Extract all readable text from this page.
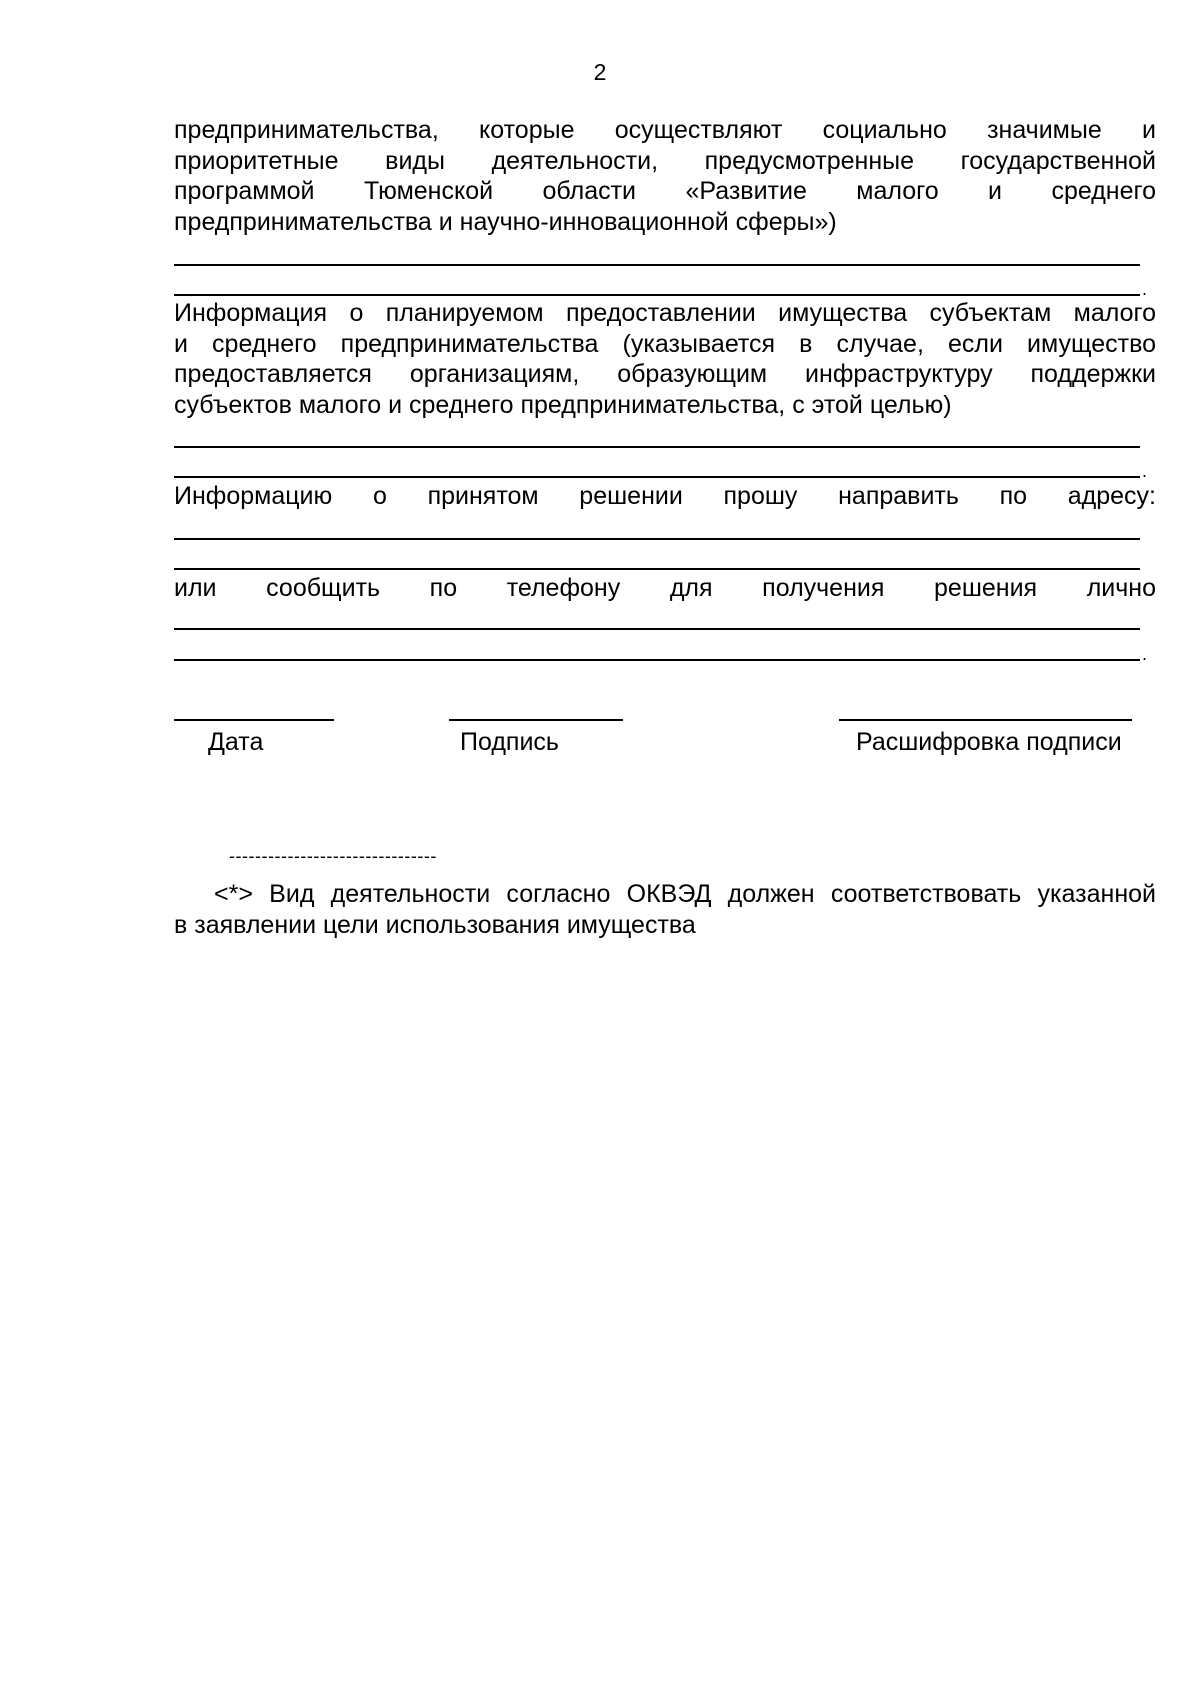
2
предпринимательства, которые осуществляют социально значимые и
приоритетные виды деятельности, предусмотренные государственной
программой Тюменской области «Развитие малого и среднего
предпринимательства и научно-инновационной сферы»)
.
Информация о планируемом предоставлении имущества субъектам малого
и среднего предпринимательства (указывается в случае, если имущество
предоставляется организациям, образующим инфраструктуру поддержки
субъектов малого и среднего предпринимательства, с этой целью)
.
Информацию о принятом решении прошу направить по адресу:
или сообщить по телефону для получения решения лично
.
Дата	Подпись	Расшифровка подписи
--------------------------------
<*> Вид деятельности согласно ОКВЭД должен соответствовать указанной
в заявлении цели использования имущества
